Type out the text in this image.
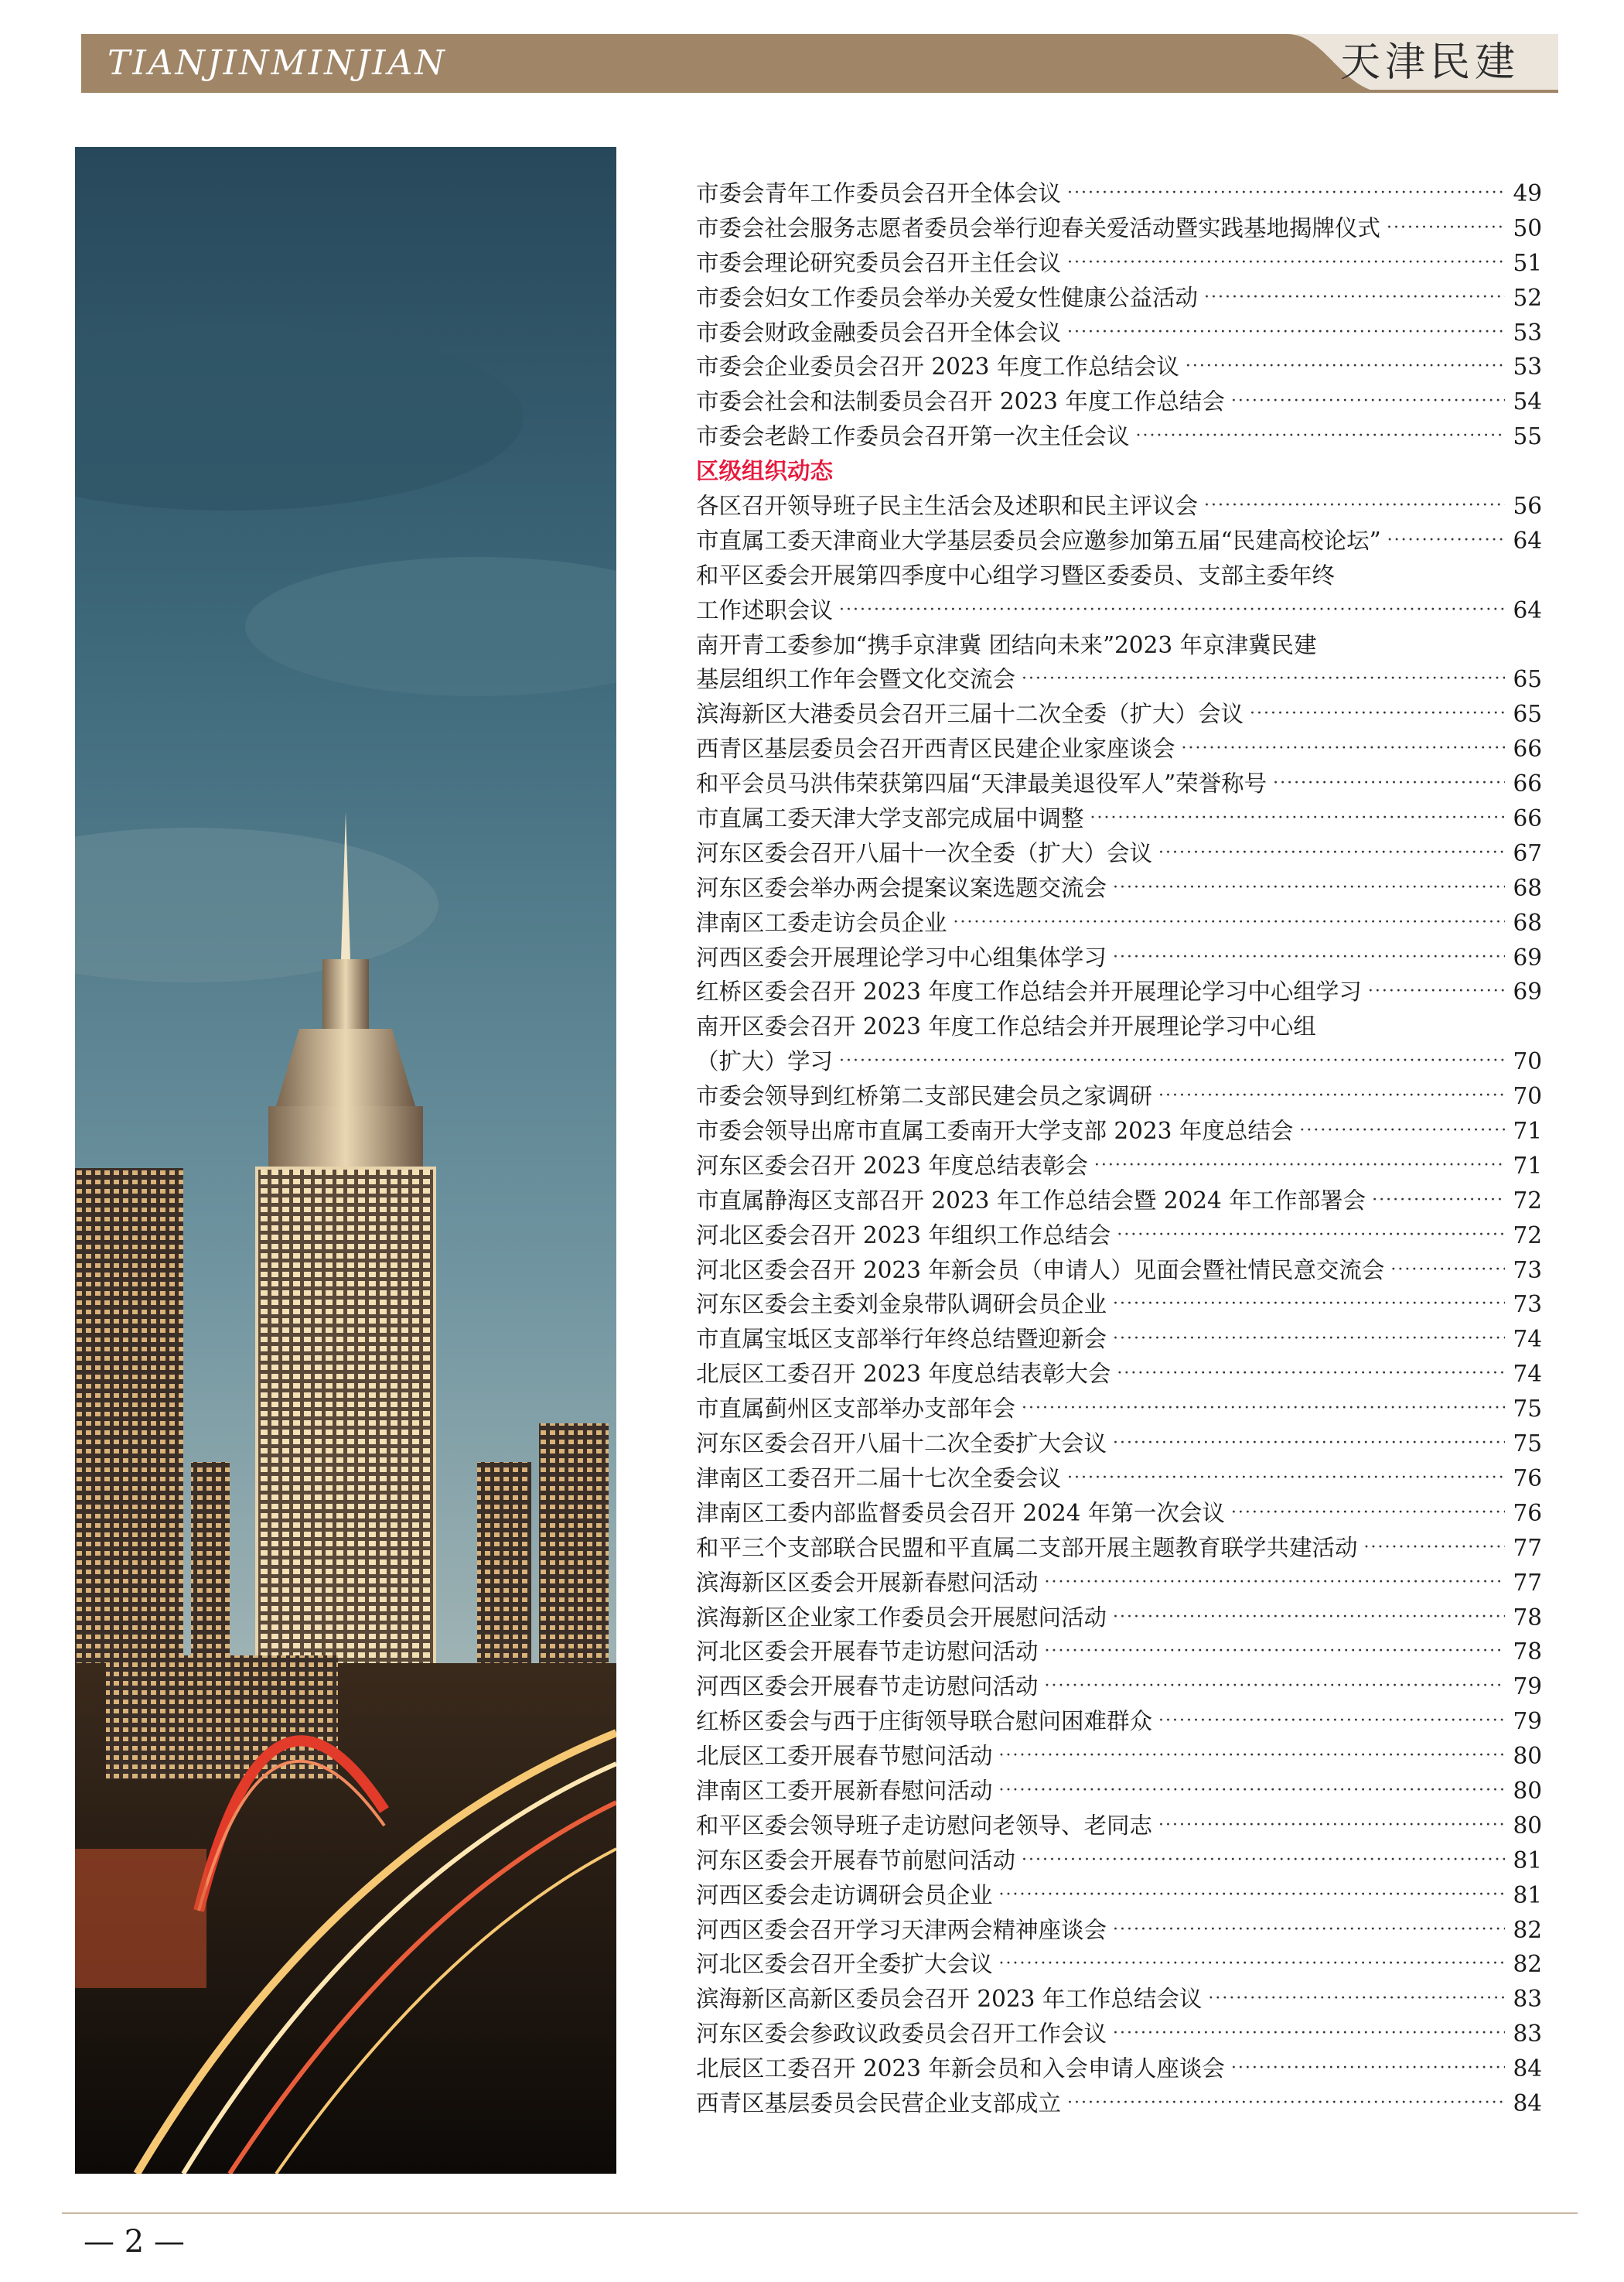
TIANJINMINJIAN	天津民建
市委会青年工作委员会召开全体会议 ·····	49
市委会社会服务志愿者委员会举行迎春关爱活动暨实践基地揭牌仪式 ·····	50
市委会理论研究委员会召开主任会议 ·····	51
市委会妇女工作委员会举办关爱女性健康公益活动 ·····	52
市委会财政金融委员会召开全体会议 ·····	53
市委会企业委员会召开 2023 年度工作总结会议 ·····	53
市委会社会和法制委员会召开 2023 年度工作总结会 ·····	54
市委会老龄工作委员会召开第一次主任会议 ·····	55
区级组织动态
各区召开领导班子民主生活会及述职和民主评议会 ·····	56
市直属工委天津商业大学基层委员会应邀参加第五届“民建高校论坛” ·····	64
和平区委会开展第四季度中心组学习暨区委委员、支部主委年终
工作述职会议 ·····	64
南开青工委参加“携手京津冀 团结向未来”2023 年京津冀民建
基层组织工作年会暨文化交流会 ·····	65
滨海新区大港委员会召开三届十二次全委（扩大）会议 ·····	65
西青区基层委员会召开西青区民建企业家座谈会 ·····	66
和平会员马洪伟荣获第四届“天津最美退役军人”荣誉称号 ·····	66
市直属工委天津大学支部完成届中调整 ·····	66
河东区委会召开八届十一次全委（扩大）会议 ·····	67
河东区委会举办两会提案议案选题交流会 ·····	68
津南区工委走访会员企业 ·····	68
河西区委会开展理论学习中心组集体学习 ·····	69
红桥区委会召开 2023 年度工作总结会并开展理论学习中心组学习 ·····	69
南开区委会召开 2023 年度工作总结会并开展理论学习中心组
（扩大）学习 ·····	70
市委会领导到红桥第二支部民建会员之家调研 ·····	70
市委会领导出席市直属工委南开大学支部 2023 年度总结会 ·····	71
河东区委会召开 2023 年度总结表彰会 ·····	71
市直属静海区支部召开 2023 年工作总结会暨 2024 年工作部署会 ·····	72
河北区委会召开 2023 年组织工作总结会 ·····	72
河北区委会召开 2023 年新会员（申请人）见面会暨社情民意交流会 ·····	73
河东区委会主委刘金泉带队调研会员企业 ·····	73
市直属宝坻区支部举行年终总结暨迎新会 ·····	74
北辰区工委召开 2023 年度总结表彰大会 ·····	74
市直属蓟州区支部举办支部年会 ·····	75
河东区委会召开八届十二次全委扩大会议 ·····	75
津南区工委召开二届十七次全委会议 ·····	76
津南区工委内部监督委员会召开 2024 年第一次会议 ·····	76
和平三个支部联合民盟和平直属二支部开展主题教育联学共建活动 ·····	77
滨海新区区委会开展新春慰问活动 ·····	77
滨海新区企业家工作委员会开展慰问活动 ·····	78
河北区委会开展春节走访慰问活动 ·····	78
河西区委会开展春节走访慰问活动 ·····	79
红桥区委会与西于庄街领导联合慰问困难群众 ·····	79
北辰区工委开展春节慰问活动 ·····	80
津南区工委开展新春慰问活动 ·····	80
和平区委会领导班子走访慰问老领导、老同志 ·····	80
河东区委会开展春节前慰问活动 ·····	81
河西区委会走访调研会员企业 ·····	81
河西区委会召开学习天津两会精神座谈会 ·····	82
河北区委会召开全委扩大会议 ·····	82
滨海新区高新区委员会召开 2023 年工作总结会议 ·····	83
河东区委会参政议政委员会召开工作会议 ·····	83
北辰区工委召开 2023 年新会员和入会申请人座谈会 ·····	84
西青区基层委员会民营企业支部成立 ·····	84
— 2 —
